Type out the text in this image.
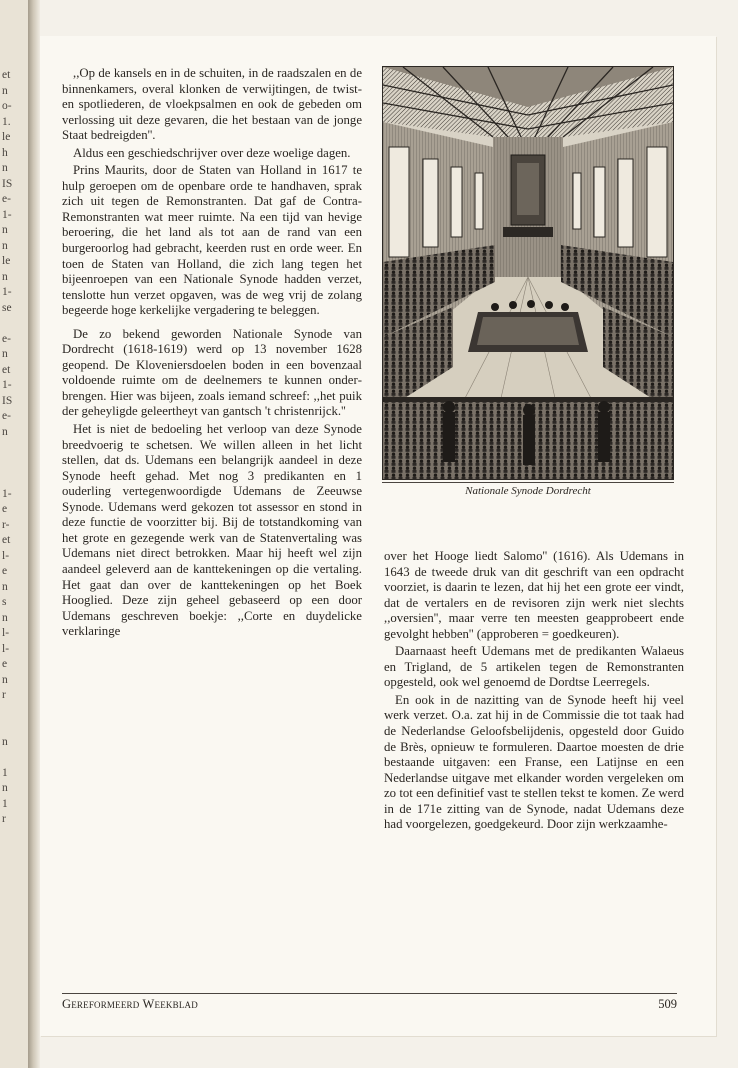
et
n
o-
1.
le
h
n
IS
e-
1-
n
n
le
n
1-
se
e-
n
et
1-
IS
e-
n
1-
e
r-
et
l-
e
n
s
n
l-
l-
e
n
r
n
1
n
1
r

,,Op de kansels en in de schuiten, in de raadszalen en de binnenkamers, overal klonken de verwijtingen, de twist- en spotliederen, de vloekpsalmen en ook de gebeden om verlossing uit deze gevaren, die het bestaan van de jonge Staat bedreigden''.

Aldus een geschiedschrijver over deze woelige dagen.

Prins Maurits, door de Staten van Holland in 1617 te hulp geroepen om de openbare orde te handhaven, sprak zich uit tegen de Remonstranten. Dat gaf de Contra-Remonstranten wat meer ruimte. Na een tijd van hevige beroering, die het land als tot aan de rand van een burgeroorlog had gebracht, keerden rust en orde weer. En toen de Staten van Holland, die zich lang tegen het bijeenroepen van een Nationale Synode hadden verzet, tenslotte hun verzet opgaven, was de weg vrij de zolang begeerde hoge kerkelijke vergadering te beleggen.

De zo bekend geworden Nationale Synode van Dordrecht (1618-1619) werd op 13 november 1628 geopend. De Kloveniersdoelen boden in een bovenzaal voldoende ruimte om de deelnemers te kunnen onderbrengen. Hier was bijeen, zoals iemand schreef: ,,het puik der geheyligde geleertheyt van gantsch 't christenrijck.''

Het is niet de bedoeling het verloop van deze Synode breedvoerig te schetsen. We willen alleen in het licht stellen, dat ds. Udemans een belangrijk aandeel in deze Synode heeft gehad. Met nog 3 predikanten en 1 ouderling vertegenwoordigde Udemans de Zeeuwse Synode. Udemans werd gekozen tot assessor en stond in deze functie de voorzitter bij. Bij de totstandkoming van het grote en gezegende werk van de Statenvertaling was Udemans niet direct betrokken. Maar hij heeft wel zijn aandeel geleverd aan de kanttekeningen op die vertaling. Het gaat dan over de kanttekeningen op het Boek Hooglied. Deze zijn geheel gebaseerd op een door Udemans geschreven boekje: ,,Corte en duydelicke verklaringe

Nationale Synode Dordrecht

over het Hooge liedt Salomo'' (1616). Als Udemans in 1643 de tweede druk van dit geschrift van een opdracht voorziet, is daarin te lezen, dat hij het een grote eer vindt, dat de vertalers en de revisoren zijn werk niet slechts ,,oversien'', maar verre ten meesten geapprobeert ende gevolght hebben'' (approberen = goedkeuren).

Daarnaast heeft Udemans met de predikanten Walaeus en Trigland, de 5 artikelen tegen de Remonstranten opgesteld, ook wel genoemd de Dordtse Leerregels.

En ook in de nazitting van de Synode heeft hij veel werk verzet. O.a. zat hij in de Commissie die tot taak had de Nederlandse Geloofsbelijdenis, opgesteld door Guido de Brès, opnieuw te formuleren. Daartoe moesten de drie bestaande uitgaven: een Franse, een Latijnse en een Nederlandse uitgave met elkander worden vergeleken om zo tot een definitief vast te stellen tekst te komen. Ze werd in de 171e zitting van de Synode, nadat Udemans deze had voorgelezen, goedgekeurd. Door zijn werkzaamhe-

Gereformeerd Weekblad	509
